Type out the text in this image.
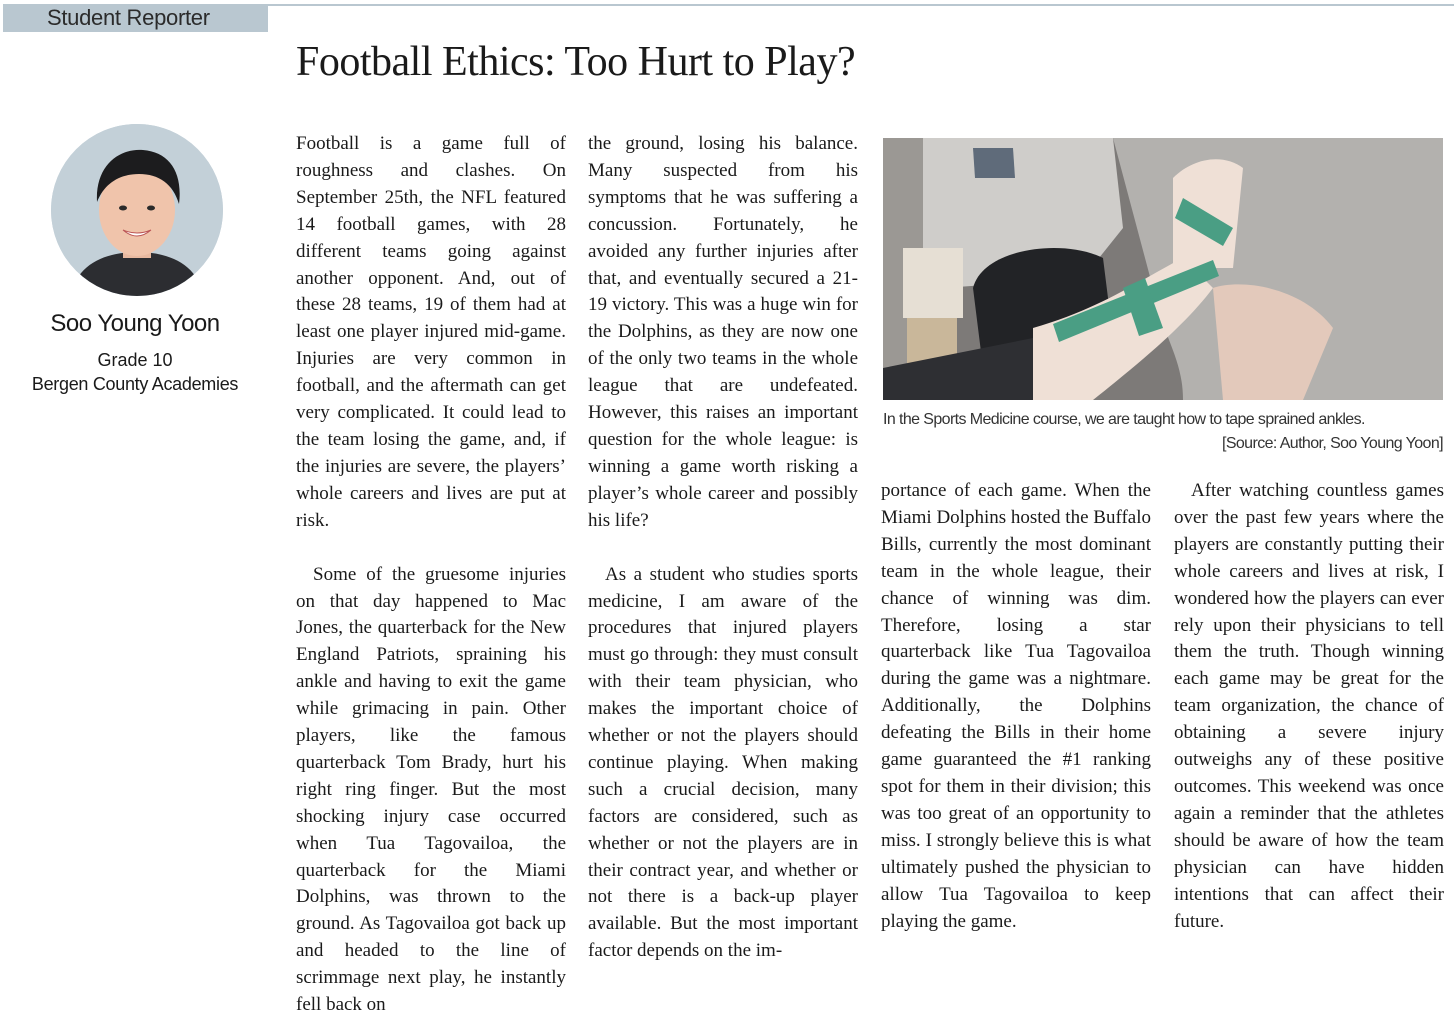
Student Reporter
Football Ethics: Too Hurt to Play?
Soo Young Yoon
Grade 10
Bergen County Academies

Football is a game full of roughness and clashes. On September 25th, the NFL featured 14 football games, with 28 different teams going against another opponent. And, out of these 28 teams, 19 of them had at least one player injured mid-game. Injuries are very common in football, and the aftermath can get very complicated. It could lead to the team losing the game, and, if the injuries are severe, the players’ whole careers and lives are put at risk.

Some of the gruesome injuries on that day happened to Mac Jones, the quarterback for the New England Patriots, spraining his ankle and having to exit the game while grimacing in pain. Other players, like the famous quarterback Tom Brady, hurt his right ring finger. But the most shocking injury case occurred when Tua Tagovailoa, the quarterback for the Miami Dolphins, was thrown to the ground. As Tagovailoa got back up and headed to the line of scrimmage next play, he instantly fell back on

the ground, losing his balance. Many suspected from his symptoms that he was suffering a concussion. Fortunately, he avoided any further injuries after that, and eventually secured a 21-19 victory. This was a huge win for the Dolphins, as they are now one of the only two teams in the whole league that are undefeated. However, this raises an important question for the whole league: is winning a game worth risking a player’s whole career and possibly his life?

As a student who studies sports medicine, I am aware of the procedures that injured players must go through: they must consult with their team physician, who makes the important choice of whether or not the players should continue playing. When making such a crucial decision, many factors are considered, such as whether or not the players are in their contract year, and whether or not there is a back-up player available. But the most important factor depends on the im-

In the Sports Medicine course, we are taught how to tape sprained ankles.
[Source: Author, Soo Young Yoon]

portance of each game. When the Miami Dolphins hosted the Buffalo Bills, currently the most dominant team in the whole league, their chance of winning was dim. Therefore, losing a star quarterback like Tua Tagovailoa during the game was a nightmare. Additionally, the Dolphins defeating the Bills in their home game guaranteed the #1 ranking spot for them in their division; this was too great of an opportunity to miss. I strongly believe this is what ultimately pushed the physician to allow Tua Tagovailoa to keep playing the game.

After watching countless games over the past few years where the players are constantly putting their whole careers and lives at risk, I wondered how the players can ever rely upon their physicians to tell them the truth. Though winning each game may be great for the team organization, the chance of obtaining a severe injury outweighs any of these positive outcomes. This weekend was once again a reminder that the athletes should be aware of how the team physician can have hidden intentions that can affect their future.
